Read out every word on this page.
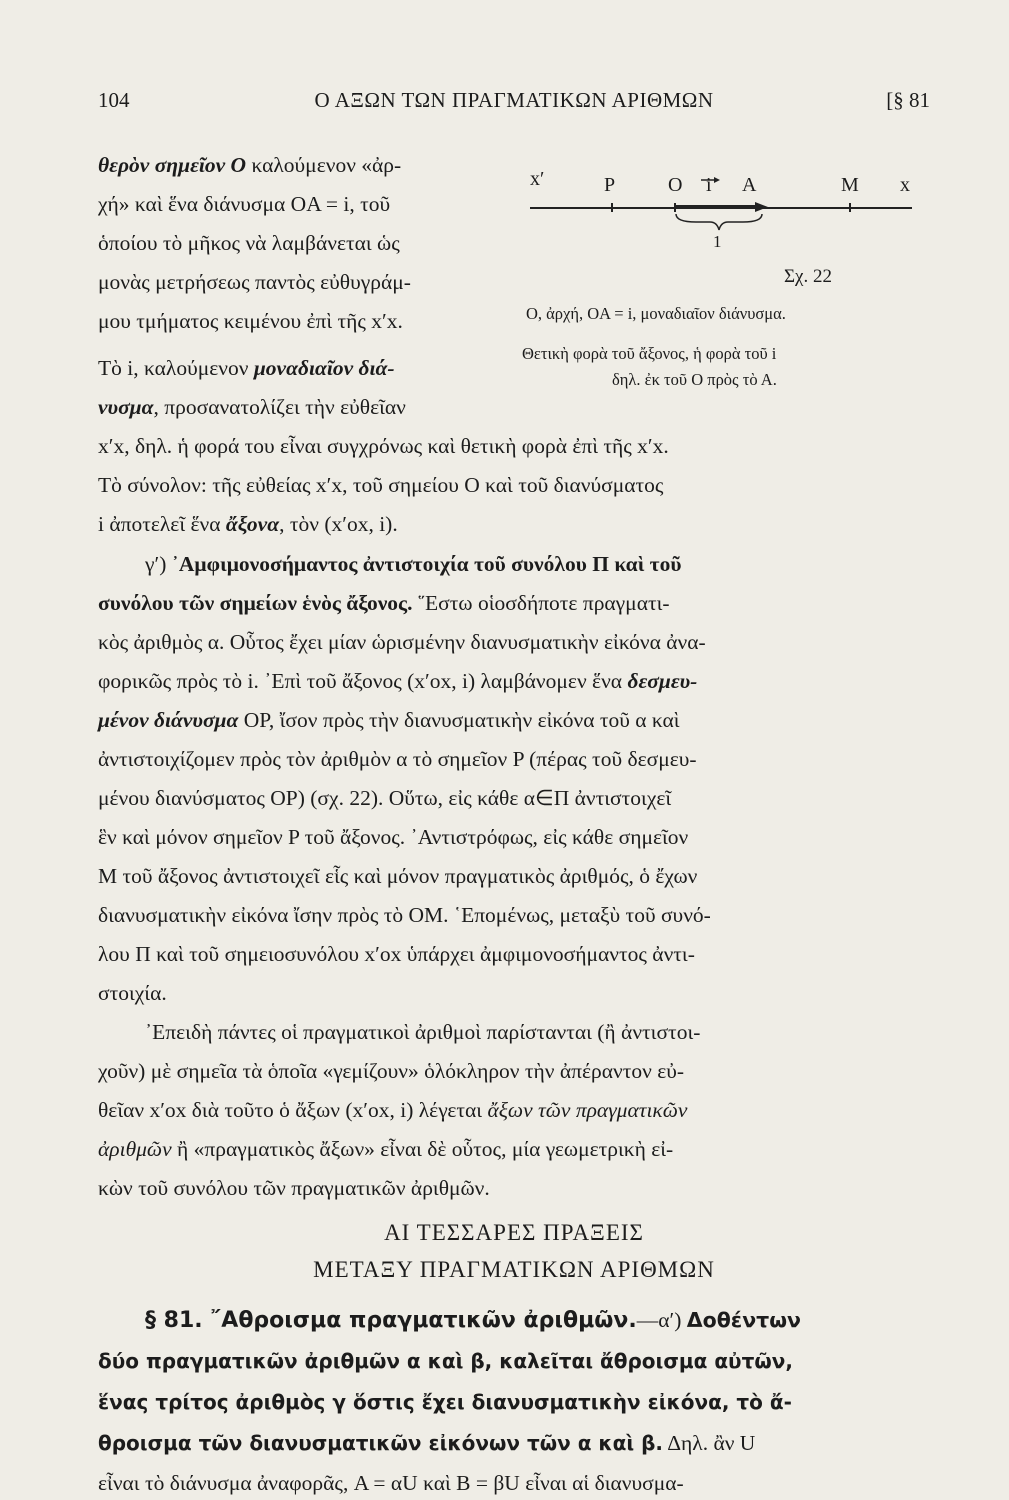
104	Ο ΑΞΩΝ ΤΩΝ ΠΡΑΓΜΑΤΙΚΩΝ ΑΡΙΘΜΩΝ	[§ 81
x′	P	O i A	M x
1
Σχ. 22
O, ἀρχή, OA = i, μοναδιαῖον διάνυσμα.
Θετικὴ φορὰ τοῦ ἄξονος, ἡ φορὰ τοῦ i
δηλ. ἐκ τοῦ Ο πρὸς τὸ Α.
θερὸν σημεῖον Ο καλούμενον «ἀρ-
χή» καὶ ἕνα διάνυσμα OA = i, τοῦ
ὁποίου τὸ μῆκος νὰ λαμβάνεται ὡς
μονὰς μετρήσεως παντὸς εὐθυγράμ-
μου τμήματος κειμένου ἐπὶ τῆς x′x.
Τὸ i, καλούμενον μοναδιαῖον διά-
νυσμα, προσανατολίζει τὴν εὐθεῖαν
x′x, δηλ. ἡ φορά του εἶναι συγχρόνως καὶ θετικὴ φορὰ ἐπὶ τῆς x′x.
Τὸ σύνολον: τῆς εὐθείας x′x, τοῦ σημείου Ο καὶ τοῦ διανύσματος
i ἀποτελεῖ ἕνα ἄξονα, τὸν (x′οx, i).
γ′) ᾿Αμφιμονοσήμαντος ἀντιστοιχία τοῦ συνόλου Π καὶ τοῦ
συνόλου τῶν σημείων ἑνὸς ἄξονος. ῞Εστω οἱοσδήποτε πραγματι-
κὸς ἀριθμὸς α. Οὗτος ἔχει μίαν ὡρισμένην διανυσματικὴν εἰκόνα ἀνα-
φορικῶς πρὸς τὸ i. ᾿Επὶ τοῦ ἄξονος (x′οx, i) λαμβάνομεν ἕνα δεσμευ-
μένον διάνυσμα OP, ἴσον πρὸς τὴν διανυσματικὴν εἰκόνα τοῦ α καὶ
ἀντιστοιχίζομεν πρὸς τὸν ἀριθμὸν α τὸ σημεῖον P (πέρας τοῦ δεσμευ-
μένου διανύσματος OP) (σχ. 22). Οὕτω, εἰς κάθε α∈Π ἀντιστοιχεῖ
ἓν καὶ μόνον σημεῖον P τοῦ ἄξονος. ᾿Αντιστρόφως, εἰς κάθε σημεῖον
Μ τοῦ ἄξονος ἀντιστοιχεῖ εἷς καὶ μόνον πραγματικὸς ἀριθμός, ὁ ἔχων
διανυσματικὴν εἰκόνα ἴσην πρὸς τὸ OM. ῾Επομένως, μεταξὺ τοῦ συνό-
λου Π καὶ τοῦ σημειοσυνόλου x′οx ὑπάρχει ἀμφιμονοσήμαντος ἀντι-
στοιχία.
᾿Επειδὴ πάντες οἱ πραγματικοὶ ἀριθμοὶ παρίστανται (ἢ ἀντιστοι-
χοῦν) μὲ σημεῖα τὰ ὁποῖα «γεμίζουν» ὁλόκληρον τὴν ἀπέραντον εὐ-
θεῖαν x′οx διὰ τοῦτο ὁ ἄξων (x′οx, i) λέγεται ἄξων τῶν πραγματικῶν
ἀριθμῶν ἢ «πραγματικὸς ἄξων» εἶναι δὲ οὗτος, μία γεωμετρικὴ εἰ-
κὼν τοῦ συνόλου τῶν πραγματικῶν ἀριθμῶν.
ΑΙ ΤΕΣΣΑΡΕΣ ΠΡΑΞΕΙΣ
ΜΕΤΑΞΥ ΠΡΑΓΜΑΤΙΚΩΝ ΑΡΙΘΜΩΝ
§ 81. ῎Αθροισμα πραγματικῶν ἀριθμῶν.—α′) Δοθέντων
δύο πραγματικῶν ἀριθμῶν α καὶ β, καλεῖται ἄθροισμα αὐτῶν,
ἕνας τρίτος ἀριθμὸς γ ὅστις ἔχει διανυσματικὴν εἰκόνα, τὸ ἄ-
θροισμα τῶν διανυσματικῶν εἰκόνων τῶν α καὶ β. Δηλ. ἂν U
εἶναι τὸ διάνυσμα ἀναφορᾶς, A = αU καὶ B = βU εἶναι αἱ διανυσμα-
